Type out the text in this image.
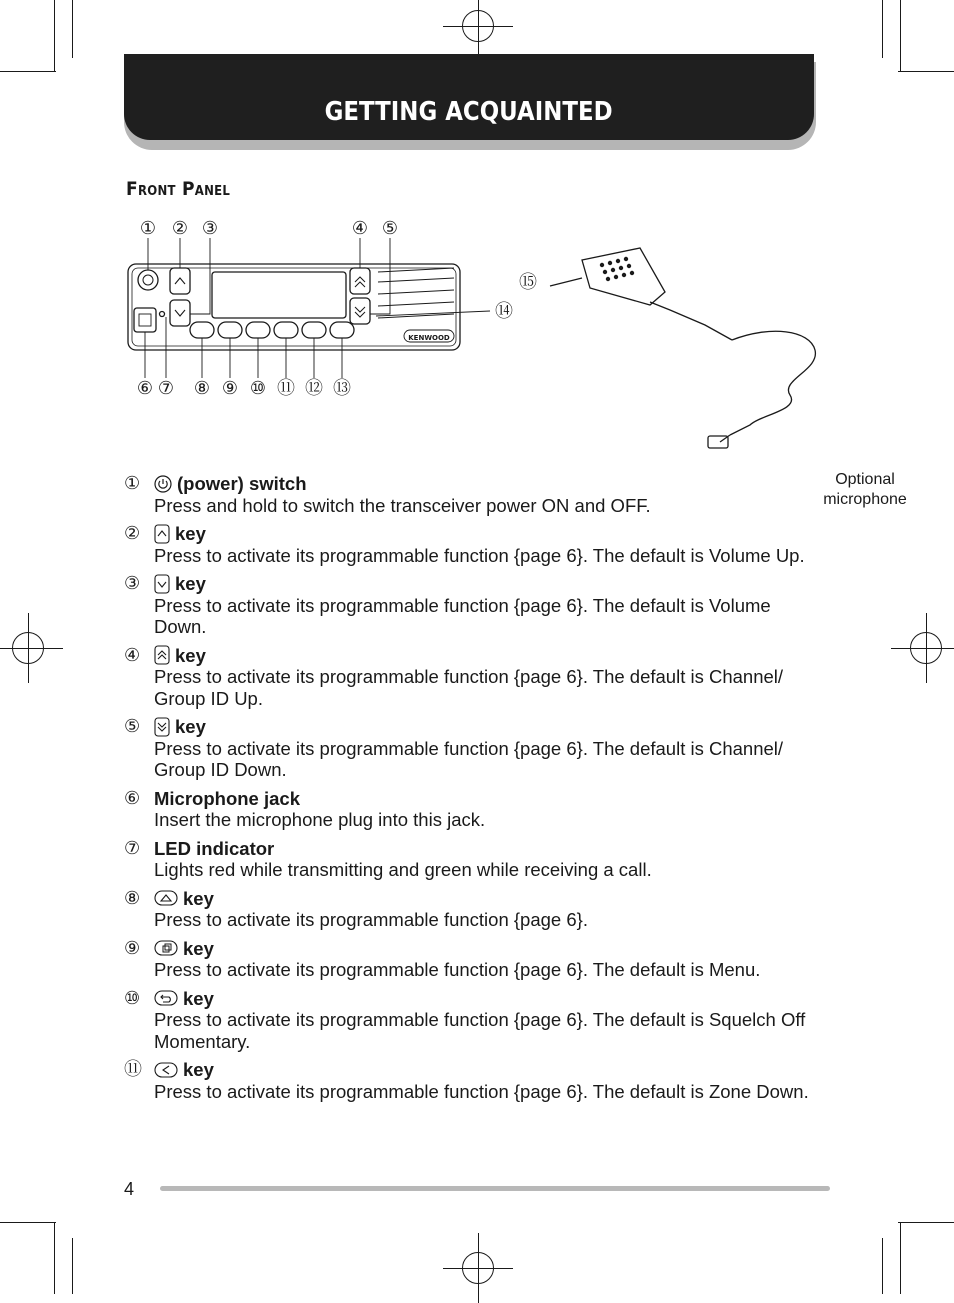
GETTING ACQUAINTED
Front Panel
① ② ③	④ ⑤
⑥ ⑦ ⑧ ⑨ ⑩ ⑪ ⑫ ⑬
⑮
⑭
KENWOOD
Optional microphone
① (power) switch
Press and hold to switch the transceiver power ON and OFF.
② key
Press to activate its programmable function {page 6}. The default is Volume Up.
③ key
Press to activate its programmable function {page 6}. The default is Volume Down.
④ key
Press to activate its programmable function {page 6}. The default is Channel/ Group ID Up.
⑤ key
Press to activate its programmable function {page 6}. The default is Channel/ Group ID Down.
⑥ Microphone jack
Insert the microphone plug into this jack.
⑦ LED indicator
Lights red while transmitting and green while receiving a call.
⑧ key
Press to activate its programmable function {page 6}.
⑨ key
Press to activate its programmable function {page 6}. The default is Menu.
⑩ key
Press to activate its programmable function {page 6}. The default is Squelch Off Momentary.
⑪ key
Press to activate its programmable function {page 6}. The default is Zone Down.
4
